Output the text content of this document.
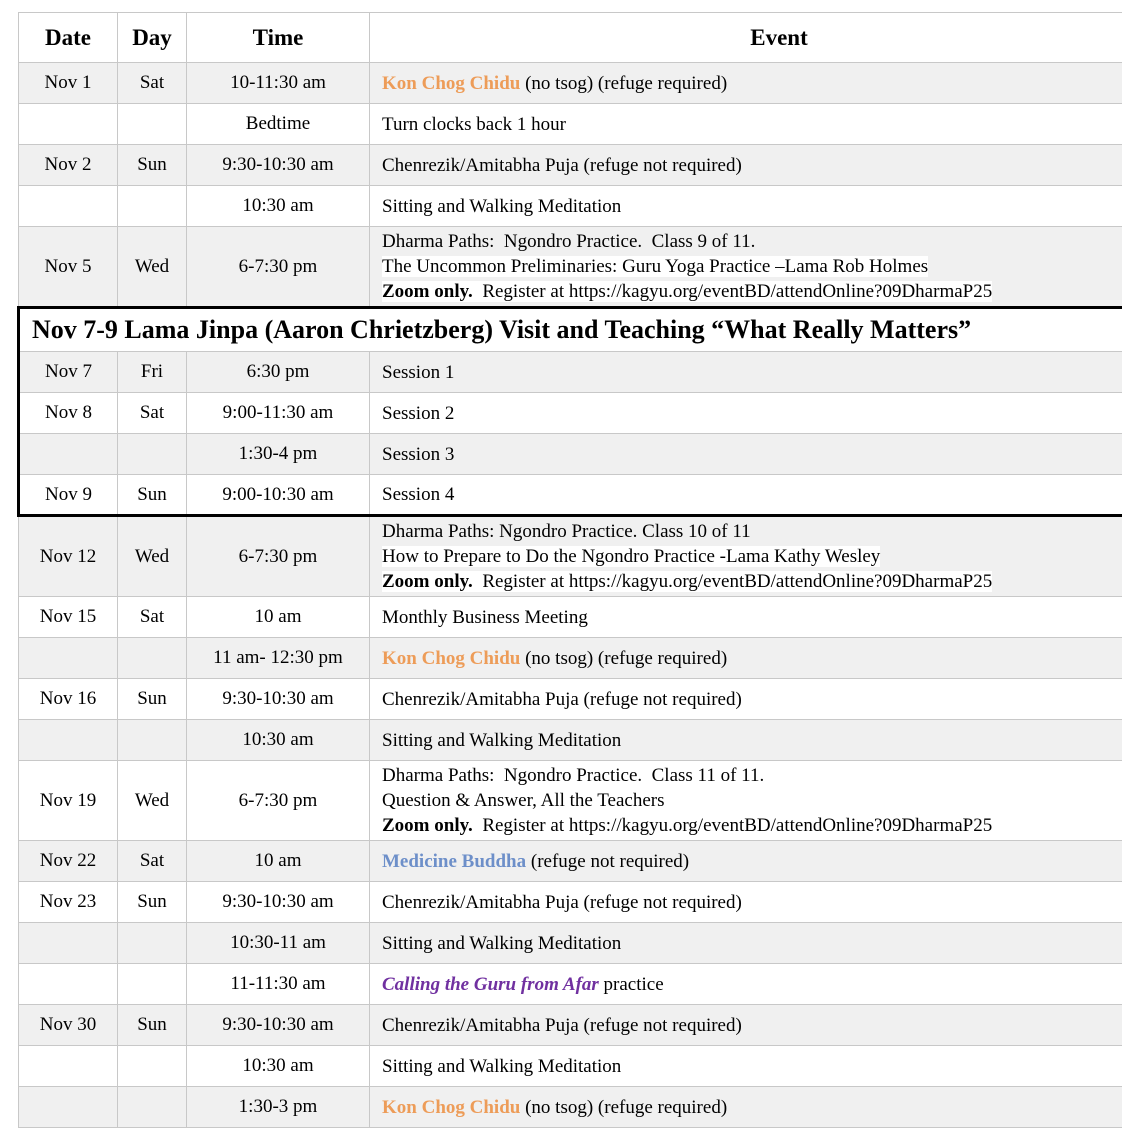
Date	Day	Time	Event
Nov 1	Sat	10-11:30 am	Kon Chog Chidu (no tsog) (refuge required)

		Bedtime	Turn clocks back 1 hour

Nov 2	Sun	9:30-10:30 am	Chenrezik/Amitabha Puja (refuge not required)

		10:30 am	Sitting and Walking Meditation

Nov 5	Wed	6-7:30 pm	Dharma Paths:  Ngondro Practice.  Class 9 of 11.
The Uncommon Preliminaries: Guru Yoga Practice –Lama Rob Holmes
Zoom only.  Register at https://kagyu.org/eventBD/attendOnline?09DharmaP25

Nov 7-9 Lama Jinpa (Aaron Chrietzberg) Visit and Teaching “What Really Matters”			
Nov 7	Fri	6:30 pm	Session 1

Nov 8	Sat	9:00-11:30 am	Session 2

		1:30-4 pm	Session 3

Nov 9	Sun	9:00-10:30 am	Session 4

Nov 12	Wed	6-7:30 pm	Dharma Paths: Ngondro Practice. Class 10 of 11
How to Prepare to Do the Ngondro Practice -Lama Kathy Wesley
Zoom only.  Register at https://kagyu.org/eventBD/attendOnline?09DharmaP25

Nov 15	Sat	10 am	Monthly Business Meeting

		11 am- 12:30 pm	Kon Chog Chidu (no tsog) (refuge required)

Nov 16	Sun	9:30-10:30 am	Chenrezik/Amitabha Puja (refuge not required)

		10:30 am	Sitting and Walking Meditation

Nov 19	Wed	6-7:30 pm	Dharma Paths:  Ngondro Practice.  Class 11 of 11.
Question & Answer, All the Teachers
Zoom only.  Register at https://kagyu.org/eventBD/attendOnline?09DharmaP25

Nov 22	Sat	10 am	Medicine Buddha (refuge not required)

Nov 23	Sun	9:30-10:30 am	Chenrezik/Amitabha Puja (refuge not required)

		10:30-11 am	Sitting and Walking Meditation

		11-11:30 am	Calling the Guru from Afar practice

Nov 30	Sun	9:30-10:30 am	Chenrezik/Amitabha Puja (refuge not required)

		10:30 am	Sitting and Walking Meditation

		1:30-3 pm	Kon Chog Chidu (no tsog) (refuge required)
